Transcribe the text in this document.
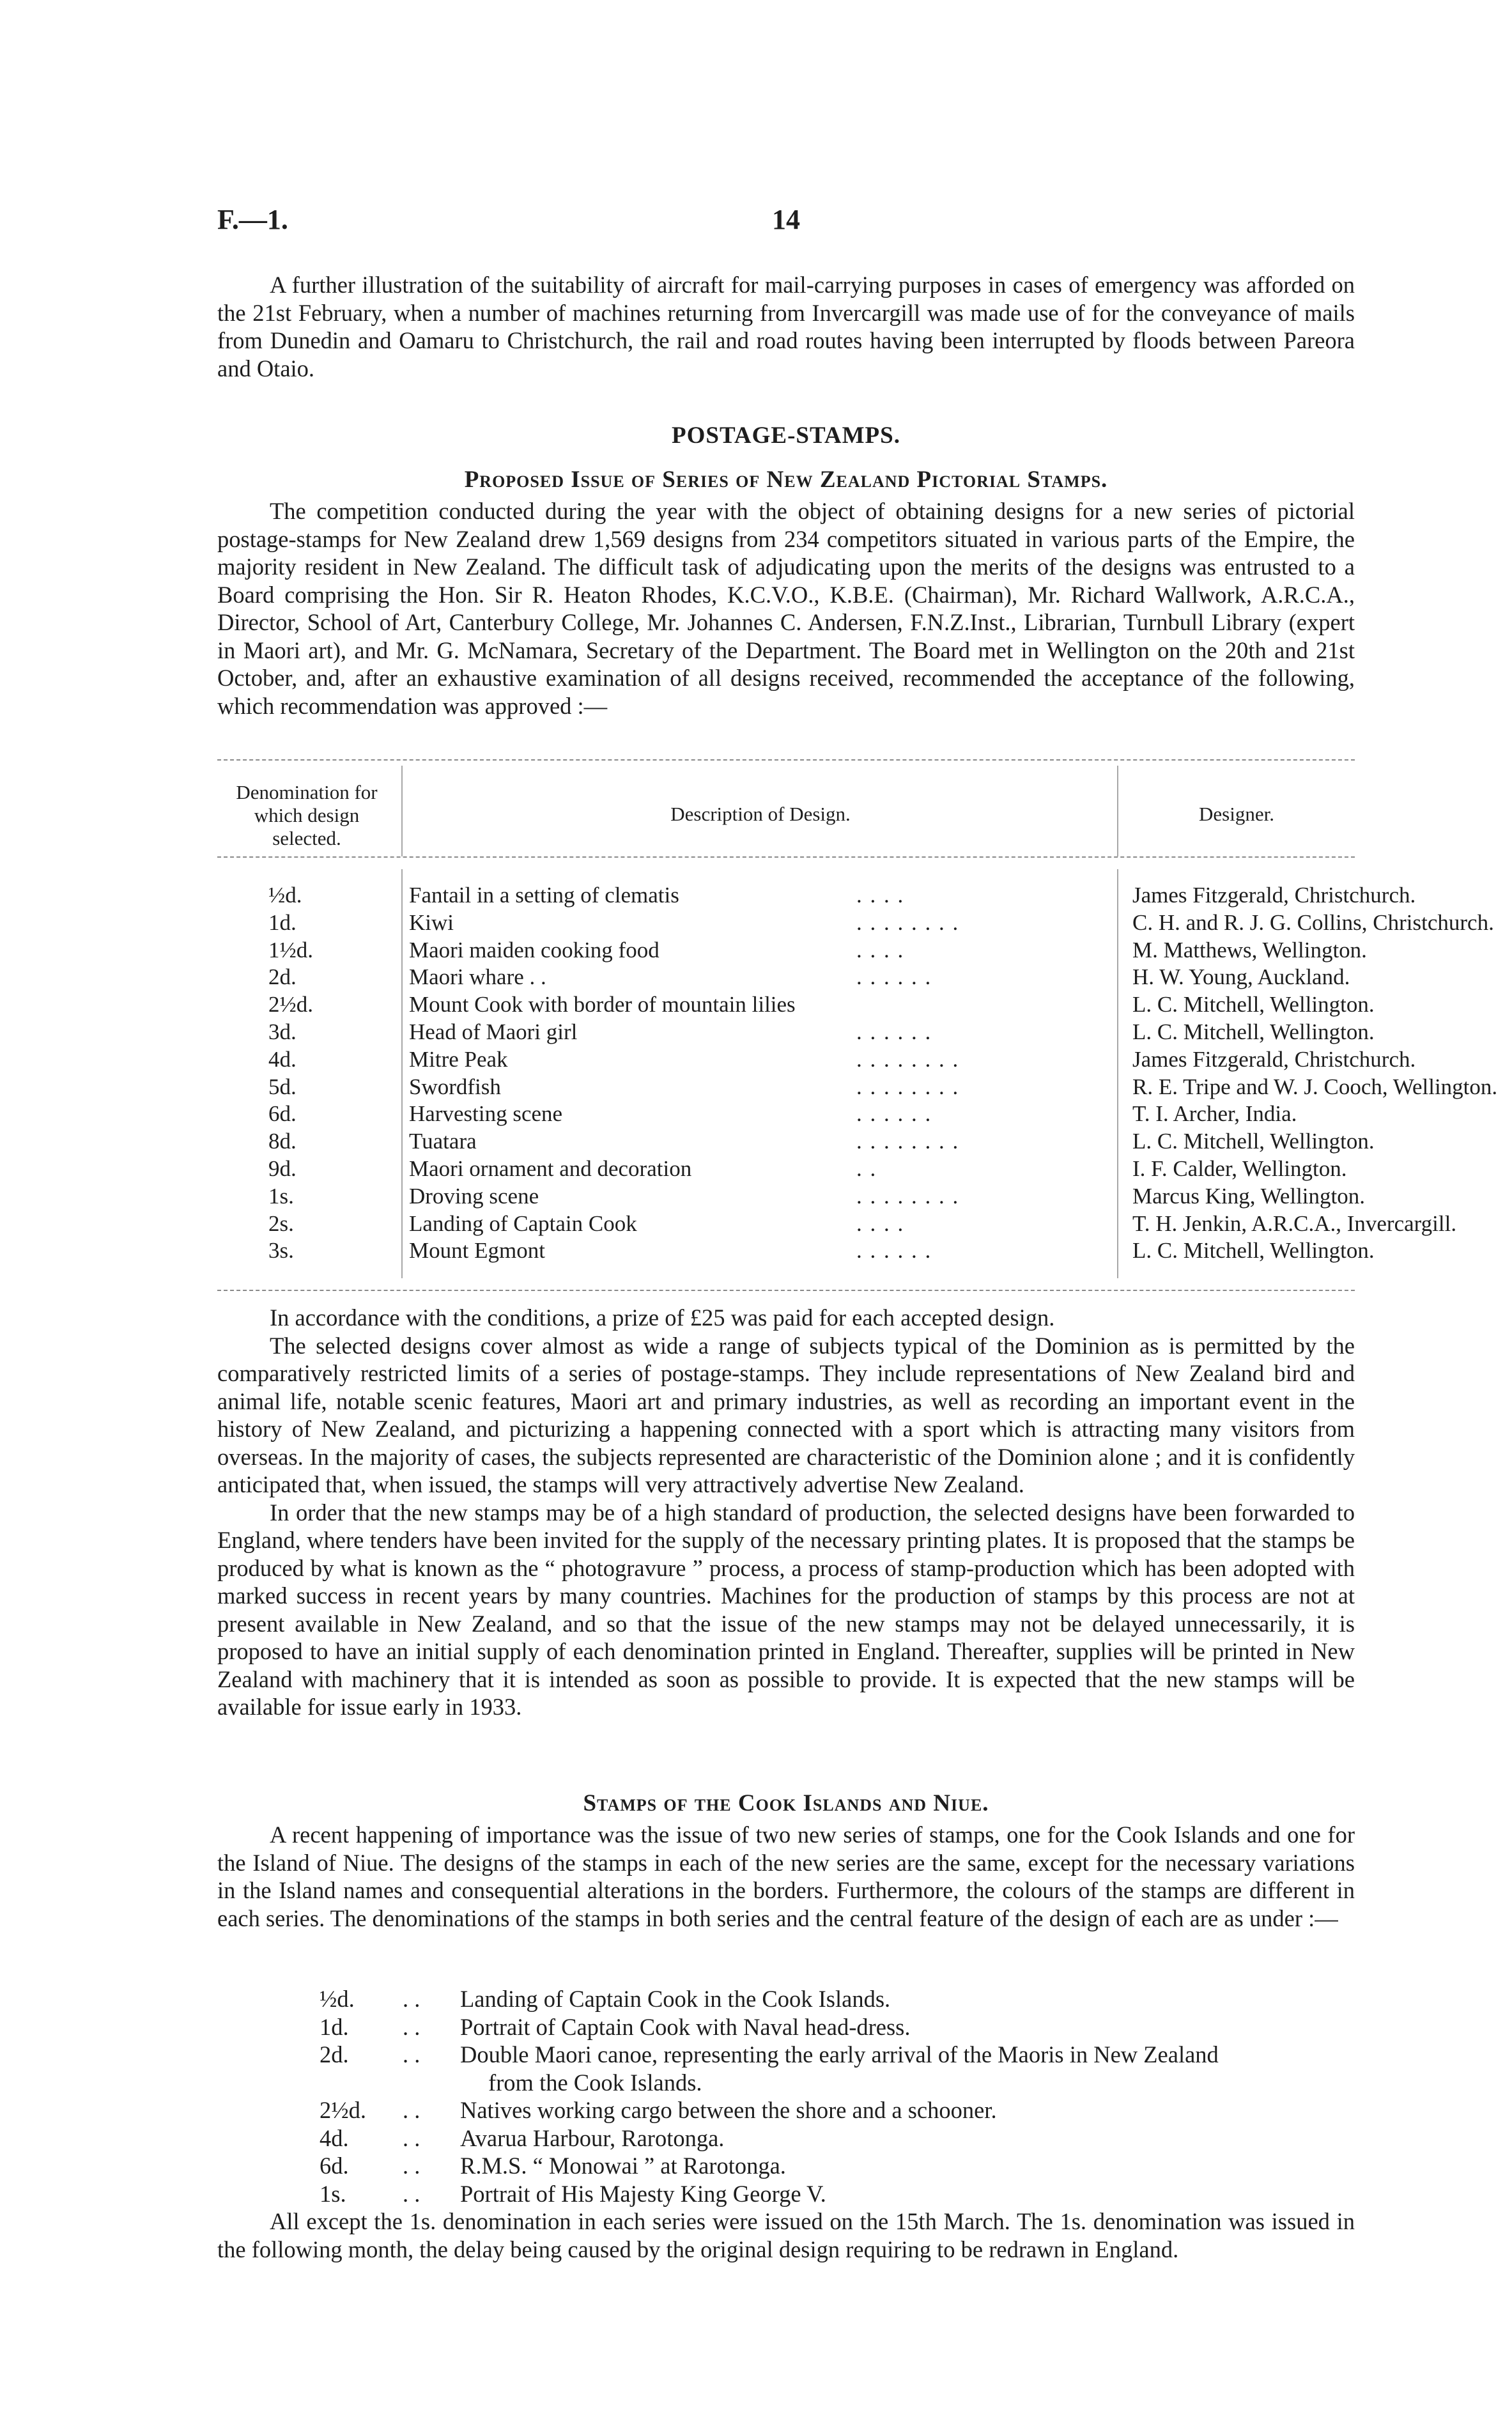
F.—1.	14

A further illustration of the suitability of aircraft for mail-carrying purposes in cases of emergency was afforded on the 21st February, when a number of machines returning from Invercargill was made use of for the conveyance of mails from Dunedin and Oamaru to Christchurch, the rail and road routes having been interrupted by floods between Pareora and Otaio.

POSTAGE-STAMPS.
Proposed Issue of Series of New Zealand Pictorial Stamps.

The competition conducted during the year with the object of obtaining designs for a new series of pictorial postage-stamps for New Zealand drew 1,569 designs from 234 competitors situated in various parts of the Empire, the majority resident in New Zealand. The difficult task of adjudicating upon the merits of the designs was entrusted to a Board comprising the Hon. Sir R. Heaton Rhodes, K.C.V.O., K.B.E. (Chairman), Mr. Richard Wallwork, A.R.C.A., Director, School of Art, Canterbury College, Mr. Johannes C. Andersen, F.N.Z.Inst., Librarian, Turnbull Library (expert in Maori art), and Mr. G. McNamara, Secretary of the Department. The Board met in Wellington on the 20th and 21st October, and, after an exhaustive examination of all designs received, recommended the acceptance of the following, which recommendation was approved :—

Denomination for
which design
selected.
Description of Design.	Designer.
½d.	Fantail in a setting of clematis	. . . .	James Fitzgerald, Christchurch.
1d.	Kiwi	. . . . . . . .	C. H. and R. J. G. Collins, Christchurch.
1½d.	Maori maiden cooking food	. . . .	M. Matthews, Wellington.
2d.	Maori whare . .	. . . . . .	H. W. Young, Auckland.
2½d.	Mount Cook with border of mountain lilies	L. C. Mitchell, Wellington.
3d.	Head of Maori girl	. . . . . .	L. C. Mitchell, Wellington.
4d.	Mitre Peak	. . . . . . . .	James Fitzgerald, Christchurch.
5d.	Swordfish	. . . . . . . .	R. E. Tripe and W. J. Cooch, Wellington.
6d.	Harvesting scene	. . . . . .	T. I. Archer, India.
8d.	Tuatara	. . . . . . . .	L. C. Mitchell, Wellington.
9d.	Maori ornament and decoration	. .	I. F. Calder, Wellington.
1s.	Droving scene	. . . . . . . .	Marcus King, Wellington.
2s.	Landing of Captain Cook	. . . .	T. H. Jenkin, A.R.C.A., Invercargill.
3s.	Mount Egmont	. . . . . .	L. C. Mitchell, Wellington.

In accordance with the conditions, a prize of £25 was paid for each accepted design.

The selected designs cover almost as wide a range of subjects typical of the Dominion as is permitted by the comparatively restricted limits of a series of postage-stamps. They include representations of New Zealand bird and animal life, notable scenic features, Maori art and primary industries, as well as recording an important event in the history of New Zealand, and picturizing a happening connected with a sport which is attracting many visitors from overseas. In the majority of cases, the subjects represented are characteristic of the Dominion alone ; and it is confidently anticipated that, when issued, the stamps will very attractively advertise New Zealand.

In order that the new stamps may be of a high standard of production, the selected designs have been forwarded to England, where tenders have been invited for the supply of the necessary printing plates. It is proposed that the stamps be produced by what is known as the “ photogravure ” process, a process of stamp-production which has been adopted with marked success in recent years by many countries. Machines for the production of stamps by this process are not at present available in New Zealand, and so that the issue of the new stamps may not be delayed unnecessarily, it is proposed to have an initial supply of each denomination printed in England. Thereafter, supplies will be printed in New Zealand with machinery that it is intended as soon as possible to provide. It is expected that the new stamps will be available for issue early in 1933.

Stamps of the Cook Islands and Niue.

A recent happening of importance was the issue of two new series of stamps, one for the Cook Islands and one for the Island of Niue. The designs of the stamps in each of the new series are the same, except for the necessary variations in the Island names and consequential alterations in the borders. Furthermore, the colours of the stamps are different in each series. The denominations of the stamps in both series and the central feature of the design of each are as under :—

½d.	. .	Landing of Captain Cook in the Cook Islands.
1d.	. .	Portrait of Captain Cook with Naval head-dress.
2d.	. .	Double Maori canoe, representing the early arrival of the Maoris in New Zealand
from the Cook Islands.
2½d.	. .	Natives working cargo between the shore and a schooner.
4d.	. .	Avarua Harbour, Rarotonga.
6d.	. .	R.M.S. “ Monowai ” at Rarotonga.
1s.	. .	Portrait of His Majesty King George V.

All except the 1s. denomination in each series were issued on the 15th March. The 1s. denomination was issued in the following month, the delay being caused by the original design requiring to be redrawn in England.
